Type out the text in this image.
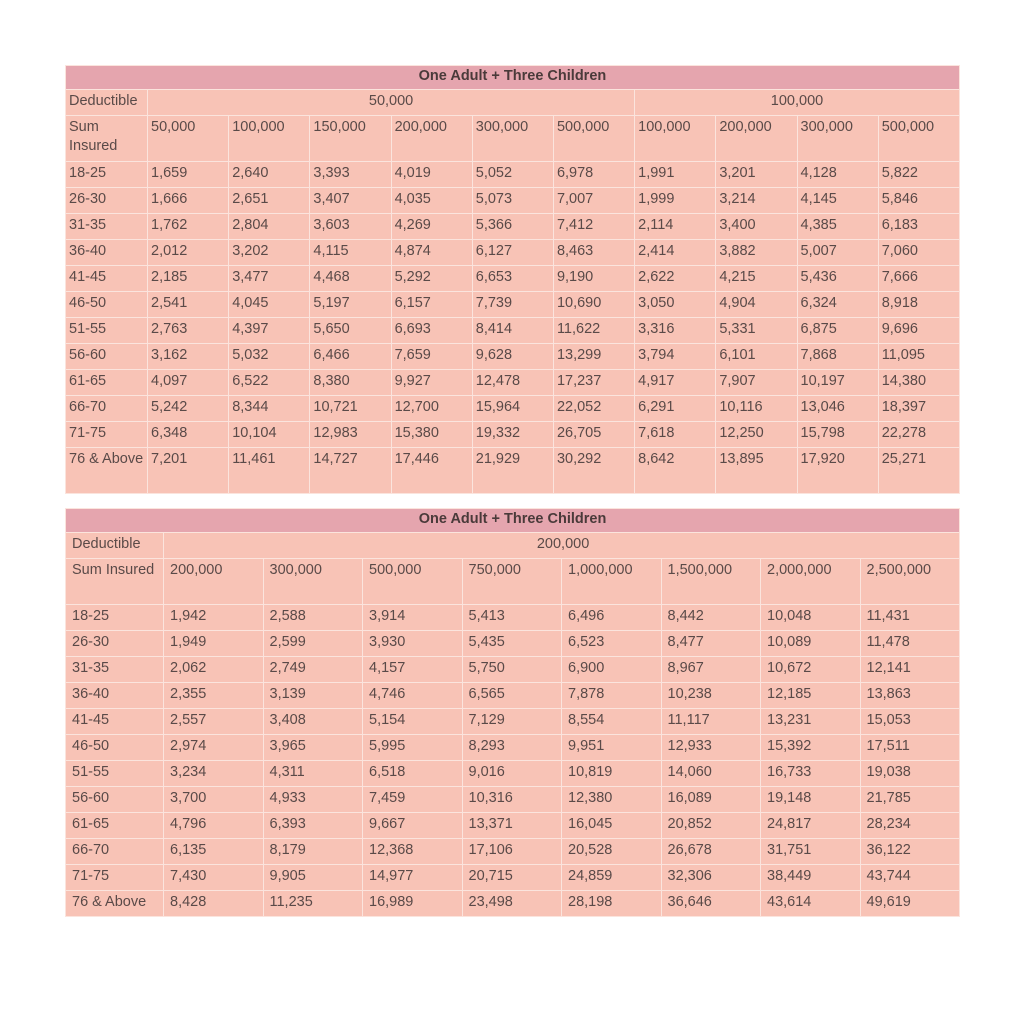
One Adult + Three Children										
Deductible	50,000						100,000			
Sum Insured	50,000	100,000	150,000	200,000	300,000	500,000	100,000	200,000	300,000	500,000
18-25	1,659	2,640	3,393	4,019	5,052	6,978	1,991	3,201	4,128	5,822
26-30	1,666	2,651	3,407	4,035	5,073	7,007	1,999	3,214	4,145	5,846
31-35	1,762	2,804	3,603	4,269	5,366	7,412	2,114	3,400	4,385	6,183
36-40	2,012	3,202	4,115	4,874	6,127	8,463	2,414	3,882	5,007	7,060
41-45	2,185	3,477	4,468	5,292	6,653	9,190	2,622	4,215	5,436	7,666
46-50	2,541	4,045	5,197	6,157	7,739	10,690	3,050	4,904	6,324	8,918
51-55	2,763	4,397	5,650	6,693	8,414	11,622	3,316	5,331	6,875	9,696
56-60	3,162	5,032	6,466	7,659	9,628	13,299	3,794	6,101	7,868	11,095
61-65	4,097	6,522	8,380	9,927	12,478	17,237	4,917	7,907	10,197	14,380
66-70	5,242	8,344	10,721	12,700	15,964	22,052	6,291	10,116	13,046	18,397
71-75	6,348	10,104	12,983	15,380	19,332	26,705	7,618	12,250	15,798	22,278
76 & Above	7,201	11,461	14,727	17,446	21,929	30,292	8,642	13,895	17,920	25,271
One Adult + Three Children								
Deductible	200,000							
Sum Insured	200,000	300,000	500,000	750,000	1,000,000	1,500,000	2,000,000	2,500,000
18-25	1,942	2,588	3,914	5,413	6,496	8,442	10,048	11,431
26-30	1,949	2,599	3,930	5,435	6,523	8,477	10,089	11,478
31-35	2,062	2,749	4,157	5,750	6,900	8,967	10,672	12,141
36-40	2,355	3,139	4,746	6,565	7,878	10,238	12,185	13,863
41-45	2,557	3,408	5,154	7,129	8,554	11,117	13,231	15,053
46-50	2,974	3,965	5,995	8,293	9,951	12,933	15,392	17,511
51-55	3,234	4,311	6,518	9,016	10,819	14,060	16,733	19,038
56-60	3,700	4,933	7,459	10,316	12,380	16,089	19,148	21,785
61-65	4,796	6,393	9,667	13,371	16,045	20,852	24,817	28,234
66-70	6,135	8,179	12,368	17,106	20,528	26,678	31,751	36,122
71-75	7,430	9,905	14,977	20,715	24,859	32,306	38,449	43,744
76 & Above	8,428	11,235	16,989	23,498	28,198	36,646	43,614	49,619
